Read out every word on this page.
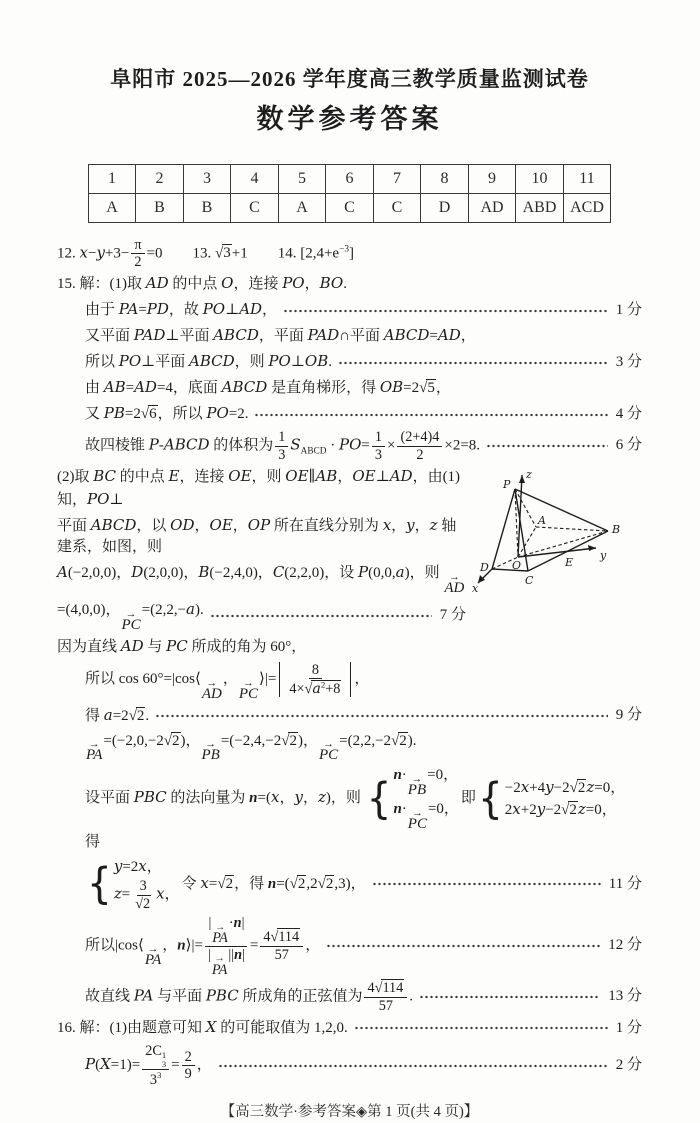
阜阳市 2025—2026 学年度高三教学质量监测试卷
数学参考答案
1	2	3	4	5	6	7	8	9	10	11
A	B	B	C	A	C	C	D	AD	ABD	ACD
12. $x-y+3- \frac{\pi}{2} =0$　　13. √3+1　　14. $[2,4+e^{-3}]$
15. 解：(1)取 AD 的中点 O，连接 PO，BO.
由于 PA=PD，故 PO⊥AD，	1 分
又平面 PAD⊥平面 ABCD，平面 PAD∩平面 ABCD=AD，
所以 PO⊥平面 ABCD，则 PO⊥OB.	3 分
由 AB=AD=4，底面 ABCD 是直角梯形，得 OB=2√5，
又 PB=2√6，所以 PO=2.	4 分
故四棱锥 P-ABCD 的体积为 $\frac{1}{3} S_{ABCD} \cdot PO= \frac{1}{3} \times \frac{(2+4)4}{2} \times 2=8$.	6 分
(2)取 BC 的中点 E，连接 OE，则 OE∥AB，OE⊥AD，由(1)知，PO⊥
平面 ABCD，以 OD，OE，OP 所在直线分别为 x，y，z 轴建系，如图，则
A(−2,0,0)，D(2,0,0)，B(−2,4,0)，C(2,2,0)，设 P(0,0,a)，则 →
AD
=(4,0,0)， →
PC
=(2,2,−a).	7 分
因为直线 AD 与 PC 所成的角为 60°，
z
P
A
B
y
E
D O
C
x
所以 cos 60°=|cos⟨ →
AD
， →
PC
⟩|= $\frac{8}{4\times√a^2+8}$ ，
得 a=2√2.	9 分
→
PA
=(−2,0,−2√2)， →
PB
=(−2,4,−2√2)， →
PC
=(2,2,−2√2).
设平面 PBC 的法向量为 n=(x，y，z)，则 { n· →
PB
=0，
n· →
PC
=0，
即 { −2x+4y−2√2z=0，
2x+2y−2√2z=0，
得
{ y=2x，
$z= \frac{3}{√2}$ x，
令 x=√2，得 n=(√2,2√2,3)，	11 分
所以|cos⟨ →
PA
，n⟩|= | →
PA
·n|
| →
PA
$||n| = \frac{4√114}{57}$ ，	12 分
故直线 PA 与平面 PBC 所成角的正弦值为 $\frac{4√114}{57}$ .	13 分
16. 解：(1)由题意可知 X 的可能取值为 1,2,0.	1 分
P(X=1)= 2C 1
3
$3^3 = \frac{2}{9}$ ，	2 分
【高三数学·参考答案◈第 1 页(共 4 页)】
